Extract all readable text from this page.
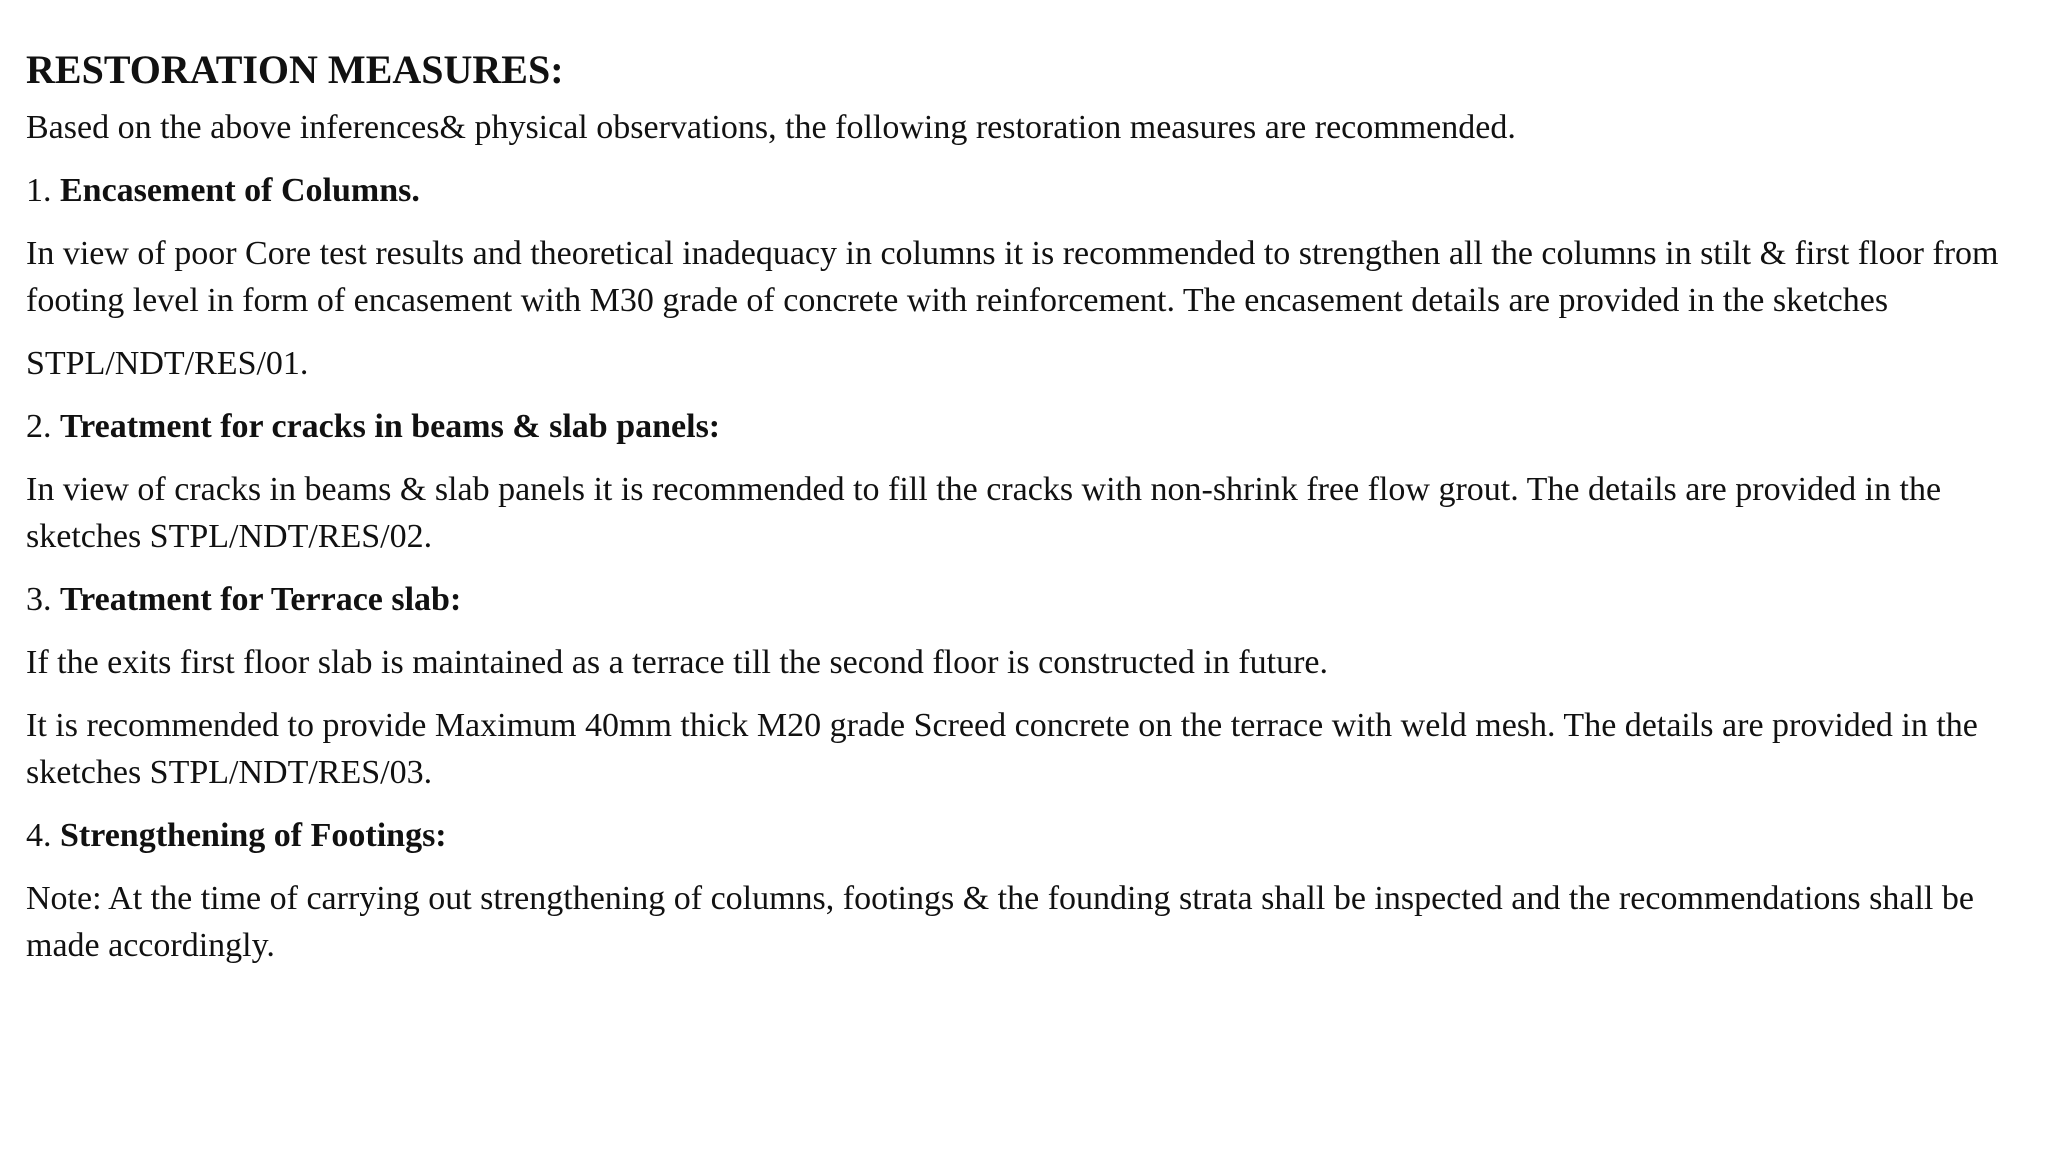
RESTORATION MEASURES:

Based on the above inferences& physical observations, the following restoration measures are recommended.

1. Encasement of Columns.

In view of poor Core test results and theoretical inadequacy in columns it is recommended to strengthen all the columns in stilt & first floor from footing level in form of encasement with M30 grade of concrete with reinforcement. The encasement details are provided in the sketches

STPL/NDT/RES/01.

2. Treatment for cracks in beams & slab panels:

In view of cracks in beams & slab panels it is recommended to fill the cracks with non-shrink free flow grout. The details are provided in the sketches STPL/NDT/RES/02.

3. Treatment for Terrace slab:

If the exits first floor slab is maintained as a terrace till the second floor is constructed in future.

It is recommended to provide Maximum 40mm thick M20 grade Screed concrete on the terrace with weld mesh. The details are provided in the sketches STPL/NDT/RES/03.

4. Strengthening of Footings:

Note: At the time of carrying out strengthening of columns, footings & the founding strata shall be inspected and the recommendations shall be made accordingly.
